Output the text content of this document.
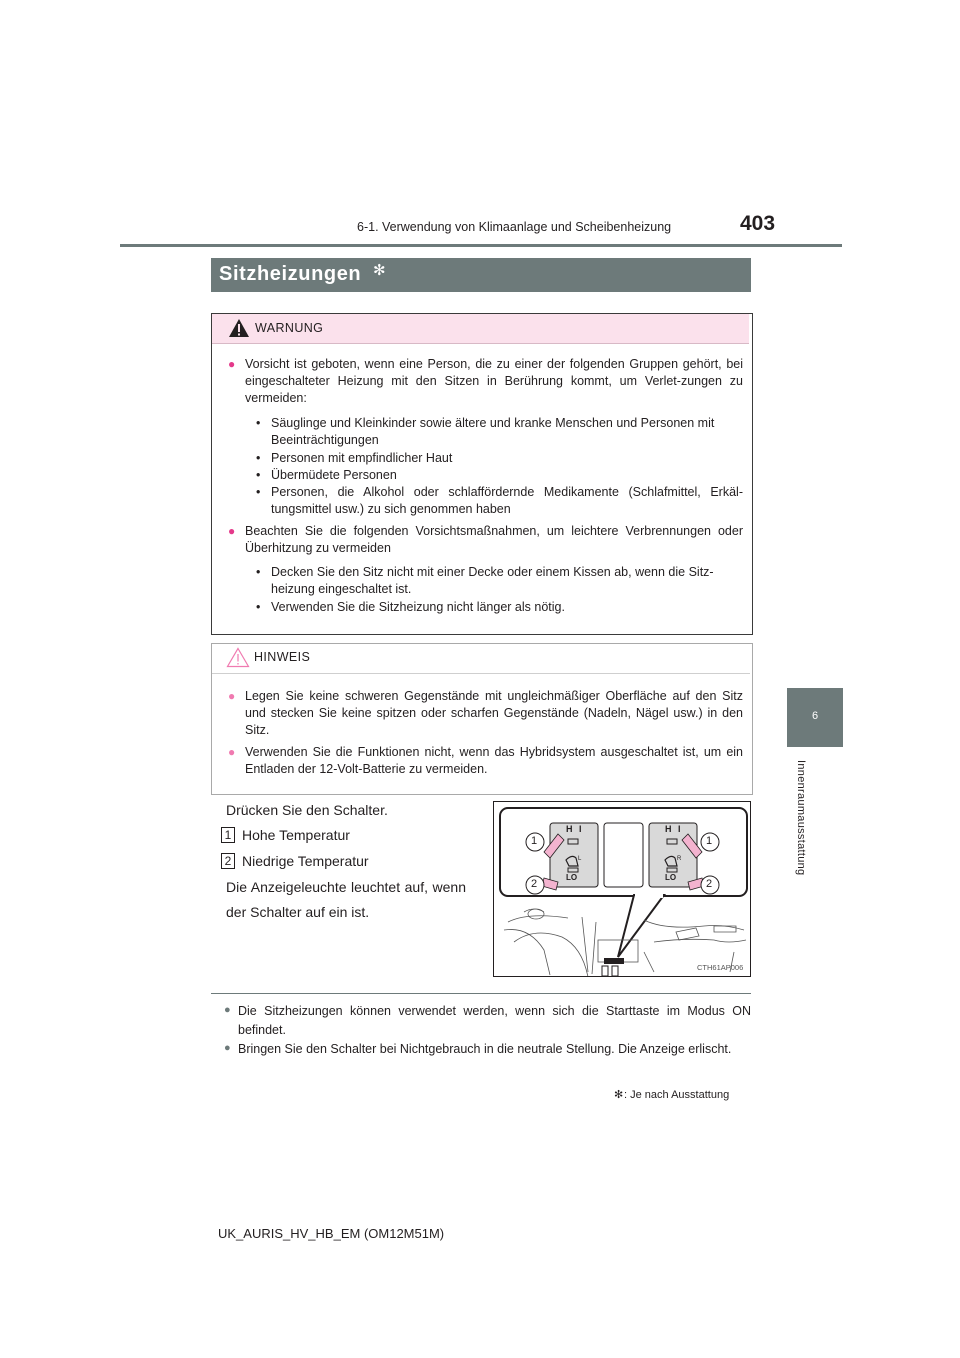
6-1. Verwendung von Klimaanlage und Scheibenheizung	403
6
Innenraumausstattung
Sitzheizungen ✻
WARNUNG
● Vorsicht ist geboten, wenn eine Person, die zu einer der folgenden Gruppen gehört, bei eingeschalteter Heizung mit den Sitzen in Berührung kommt, um Verlet-zungen zu vermeiden:
• Säuglinge und Kleinkinder sowie ältere und kranke Menschen und Personen mit Beeinträchtigungen
• Personen mit empfindlicher Haut
• Übermüdete Personen
• Personen, die Alkohol oder schlaffördernde Medikamente (Schlafmittel, Erkäl-tungsmittel usw.) zu sich genommen haben
● Beachten Sie die folgenden Vorsichtsmaßnahmen, um leichtere Verbrennungen oder Überhitzung zu vermeiden
• Decken Sie den Sitz nicht mit einer Decke oder einem Kissen ab, wenn die Sitz-heizung eingeschaltet ist.
• Verwenden Sie die Sitzheizung nicht länger als nötig.
HINWEIS
● Legen Sie keine schweren Gegenstände mit ungleichmäßiger Oberfläche auf den Sitz und stecken Sie keine spitzen oder scharfen Gegenstände (Nadeln, Nägel usw.) in den Sitz.
● Verwenden Sie die Funktionen nicht, wenn das Hybridsystem ausgeschaltet ist, um ein Entladen der 12-Volt-Batterie zu vermeiden.
Drücken Sie den Schalter.
1 Hohe Temperatur
2 Niedrige Temperatur
Die Anzeigeleuchte leuchtet auf, wenn der Schalter auf ein ist.
H I
LO
L
H I
LO
R
1
2
1
2
CTH61AP006
● Die Sitzheizungen können verwendet werden, wenn sich die Starttaste im Modus ON befindet.
● Bringen Sie den Schalter bei Nichtgebrauch in die neutrale Stellung. Die Anzeige erlischt.
✻ : Je nach Ausstattung
UK_AURIS_HV_HB_EM (OM12M51M)
